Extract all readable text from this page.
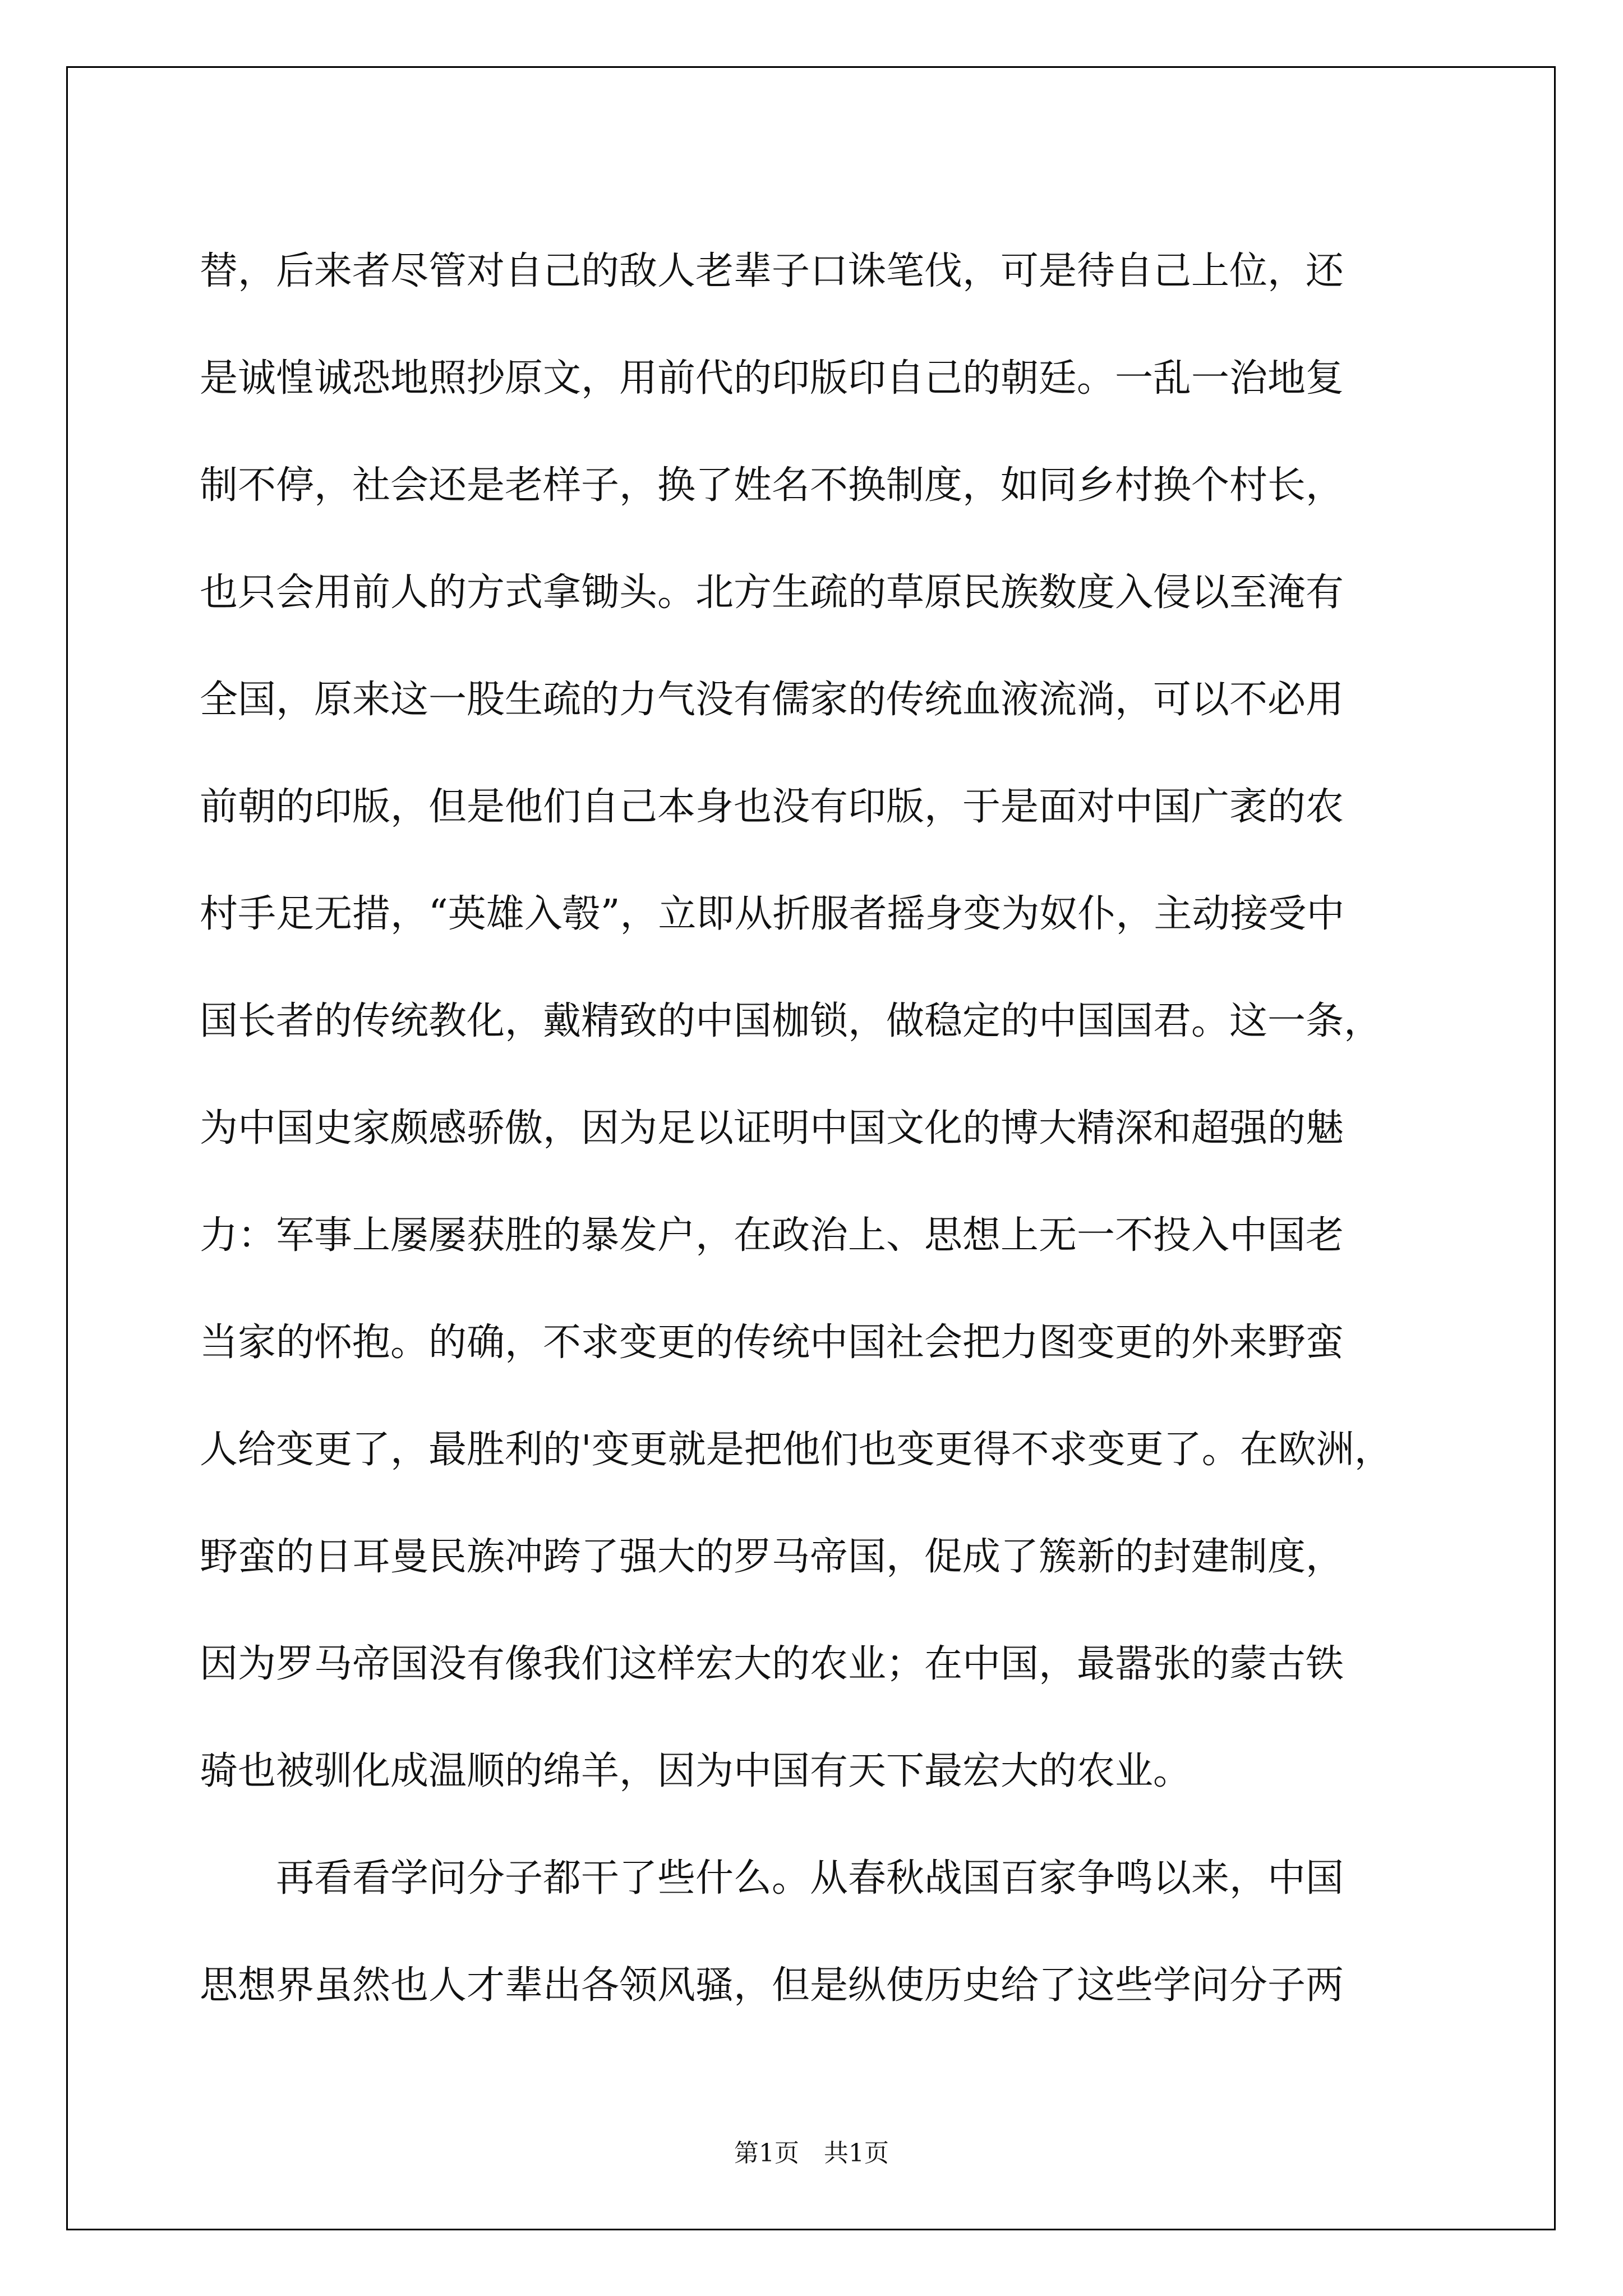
替，后来者尽管对自己的敌人老辈子口诛笔伐，可是待自己上位，还
是诚惶诚恐地照抄原文，用前代的印版印自己的朝廷。一乱一治地复
制不停，社会还是老样子，换了姓名不换制度，如同乡村换个村长，
也只会用前人的方式拿锄头。北方生疏的草原民族数度入侵以至淹有
全国，原来这一股生疏的力气没有儒家的传统血液流淌，可以不必用
前朝的印版，但是他们自己本身也没有印版，于是面对中国广袤的农
村手足无措，“英雄入彀”，立即从折服者摇身变为奴仆，主动接受中
国长者的传统教化，戴精致的中国枷锁，做稳定的中国国君。这一条，
为中国史家颇感骄傲，因为足以证明中国文化的博大精深和超强的魅
力：军事上屡屡获胜的暴发户，在政治上、思想上无一不投入中国老
当家的怀抱。的确，不求变更的传统中国社会把力图变更的外来野蛮
人给变更了，最胜利的'变更就是把他们也变更得不求变更了。在欧洲，
野蛮的日耳曼民族冲跨了强大的罗马帝国，促成了簇新的封建制度，
因为罗马帝国没有像我们这样宏大的农业；在中国，最嚣张的蒙古铁
骑也被驯化成温顺的绵羊，因为中国有天下最宏大的农业。
再看看学问分子都干了些什么。从春秋战国百家争鸣以来，中国
思想界虽然也人才辈出各领风骚，但是纵使历史给了这些学问分子两
第1页　共1页
